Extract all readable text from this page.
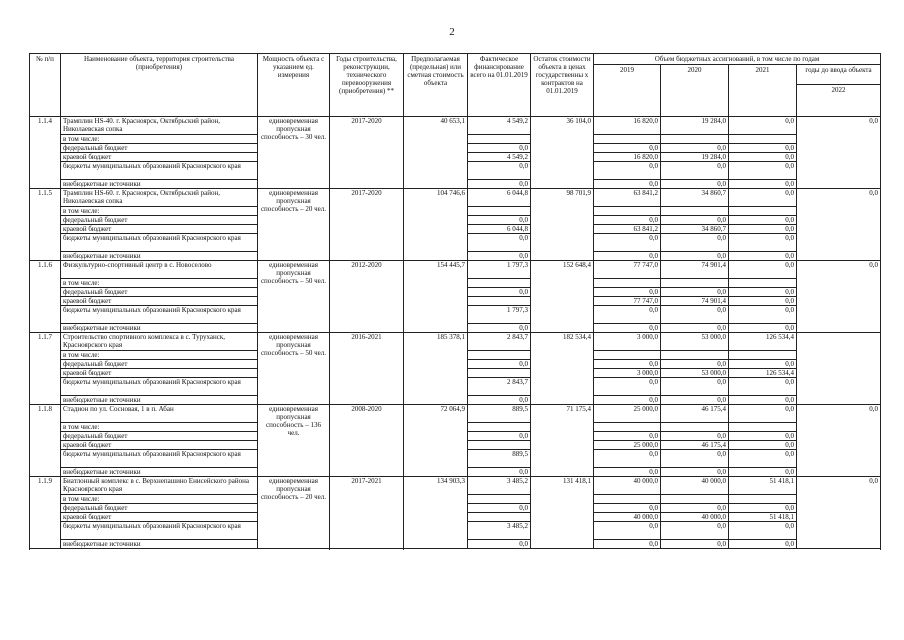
2
№ п/п	Наименование объекта, территория строительства (приобретения)	Мощность объекта с указанием ед. измерения	Годы строительства, реконструкции, технического перевооружения (приобретения) **	Предполагаемая (предельная) или сметная стоимость объекта	Фактическое финансирование всего на 01.01.2019	Остаток стоимости объекта в ценах государственны х контрактов на 01.01.2019	Объем бюджетных ассигнований, в том числе по годам			
							2019	2020	2021	годы до ввода объекта
										2022
1.1.4	Трамплин HS-40. г. Красноярск, Октябрьский район, Николаевская сопка	единовременная пропускная способность – 30 чел.	2017-2020	40 653,1	4 549,2	36 104,0	16 820,0	19 284,0	0,0	0,0
	в том числе:									
	федеральный бюджет				0,0		0,0	0,0	0,0	
	краевой бюджет				4 549,2		16 820,0	19 284,0	0,0	
	бюджеты муниципальных образований Красноярского края				0,0		0,0	0,0	0,0	
	внебюджетные источники				0,0		0,0	0,0	0,0	

1.1.5	Трамплин HS-60. г. Красноярск, Октябрьский район, Николаевская сопка	единовременная пропускная способность – 20 чел.	2017-2020	104 746,6	6 044,8	98 701,9	63 841,2	34 860,7	0,0	0,0
	в том числе:									
	федеральный бюджет				0,0		0,0	0,0	0,0	
	краевой бюджет				6 044,8		63 841,2	34 860,7	0,0	
	бюджеты муниципальных образований Красноярского края				0,0		0,0	0,0	0,0	
	внебюджетные источники				0,0		0,0	0,0	0,0	

1.1.6	Физкультурно-спортивный центр в с. Новоселово	единовременная пропускная способность – 50 чел.	2012-2020	154 445,7	1 797,3	152 648,4	77 747,0	74 901,4	0,0	0,0
	в том числе:									
	федеральный бюджет				0,0		0,0	0,0	0,0	
	краевой бюджет						77 747,0	74 901,4	0,0	
	бюджеты муниципальных образований Красноярского края				1 797,3		0,0	0,0	0,0	
	внебюджетные источники				0,0		0,0	0,0	0,0	

1.1.7	Строительство спортивного комплекса в с. Туруханск, Красноярского края	единовременная пропускная способность – 50 чел.	2016-2021	185 378,1	2 843,7	182 534,4	3 000,0	53 000,0	126 534,4	
	в том числе:									
	федеральный бюджет				0,0		0,0	0,0	0,0	
	краевой бюджет						3 000,0	53 000,0	126 534,4	
	бюджеты муниципальных образований Красноярского края				2 843,7		0,0	0,0	0,0	
	внебюджетные источники				0,0		0,0	0,0	0,0	

1.1.8	Стадион по ул. Сосновая, 1 в п. Абан	единовременная пропускная способность – 136 чел.	2008-2020	72 064,9	889,5	71 175,4	25 000,0	46 175,4	0,0	0,0
	в том числе:									
	федеральный бюджет				0,0		0,0	0,0	0,0	
	краевой бюджет						25 000,0	46 175,4	0,0	
	бюджеты муниципальных образований Красноярского края				889,5		0,0	0,0	0,0	
	внебюджетные источники				0,0		0,0	0,0	0,0	

1.1.9	Биатлонный комплекс в с. Верхнепашино Енисейского района Красноярского края	единовременная пропускная способность – 20 чел.	2017-2021	134 903,3	3 485,2	131 418,1	40 000,0	40 000,0	51 418,1	0,0
	в том числе:									
	федеральный бюджет				0,0		0,0	0,0	0,0	
	краевой бюджет						40 000,0	40 000,0	51 418,1	
	бюджеты муниципальных образований Красноярского края				3 485,2		0,0	0,0	0,0	
	внебюджетные источники				0,0		0,0	0,0	0,0	
